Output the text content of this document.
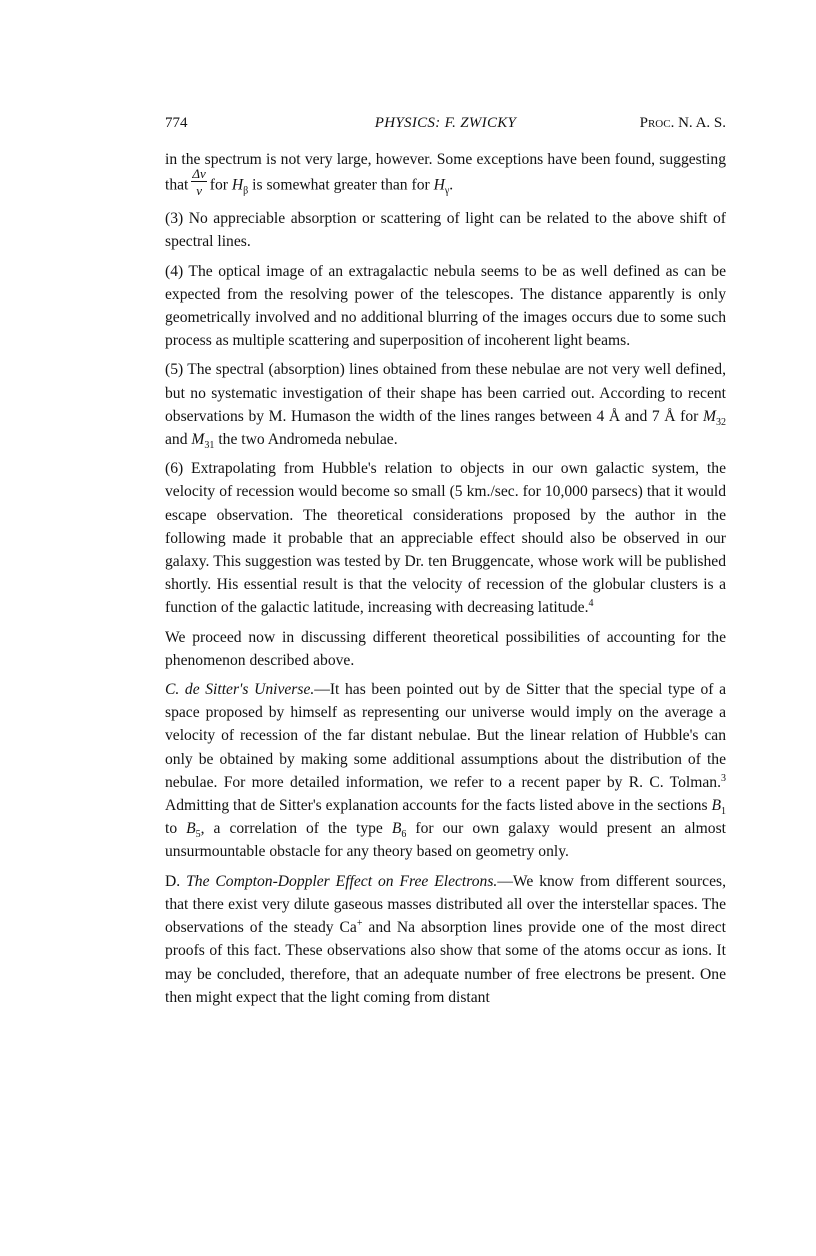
774	PHYSICS: F. ZWICKY	Proc. N. A. S.

in the spectrum is not very large, however. Some exceptions have been found, suggesting that $\frac{\Delta\nu}{\nu}$ for $H_\beta$ is somewhat greater than for $H_\gamma$.

(3) No appreciable absorption or scattering of light can be related to the above shift of spectral lines.

(4) The optical image of an extragalactic nebula seems to be as well defined as can be expected from the resolving power of the telescopes. The distance apparently is only geometrically involved and no additional blurring of the images occurs due to some such process as multiple scattering and superposition of incoherent light beams.

(5) The spectral (absorption) lines obtained from these nebulae are not very well defined, but no systematic investigation of their shape has been carried out. According to recent observations by M. Humason the width of the lines ranges between 4 Å and 7 Å for $M_{32}$ and $M_{31}$ the two Andromeda nebulae.

(6) Extrapolating from Hubble's relation to objects in our own galactic system, the velocity of recession would become so small (5 km./sec. for 10,000 parsecs) that it would escape observation. The theoretical considerations proposed by the author in the following made it probable that an appreciable effect should also be observed in our galaxy. This suggestion was tested by Dr. ten Bruggencate, whose work will be published shortly. His essential result is that the velocity of recession of the globular clusters is a function of the galactic latitude, increasing with decreasing latitude.$^4$

We proceed now in discussing different theoretical possibilities of accounting for the phenomenon described above.

C. de Sitter's Universe.—It has been pointed out by de Sitter that the special type of a space proposed by himself as representing our universe would imply on the average a velocity of recession of the far distant nebulae. But the linear relation of Hubble's can only be obtained by making some additional assumptions about the distribution of the nebulae. For more detailed information, we refer to a recent paper by R. C. Tolman.$^3$ Admitting that de Sitter's explanation accounts for the facts listed above in the sections $B_1$ to $B_5$, a correlation of the type $B_6$ for our own galaxy would present an almost unsurmountable obstacle for any theory based on geometry only.

D. The Compton-Doppler Effect on Free Electrons.—We know from different sources, that there exist very dilute gaseous masses distributed all over the interstellar spaces. The observations of the steady Ca+ and Na absorption lines provide one of the most direct proofs of this fact. These observations also show that some of the atoms occur as ions. It may be concluded, therefore, that an adequate number of free electrons be present. One then might expect that the light coming from distant
